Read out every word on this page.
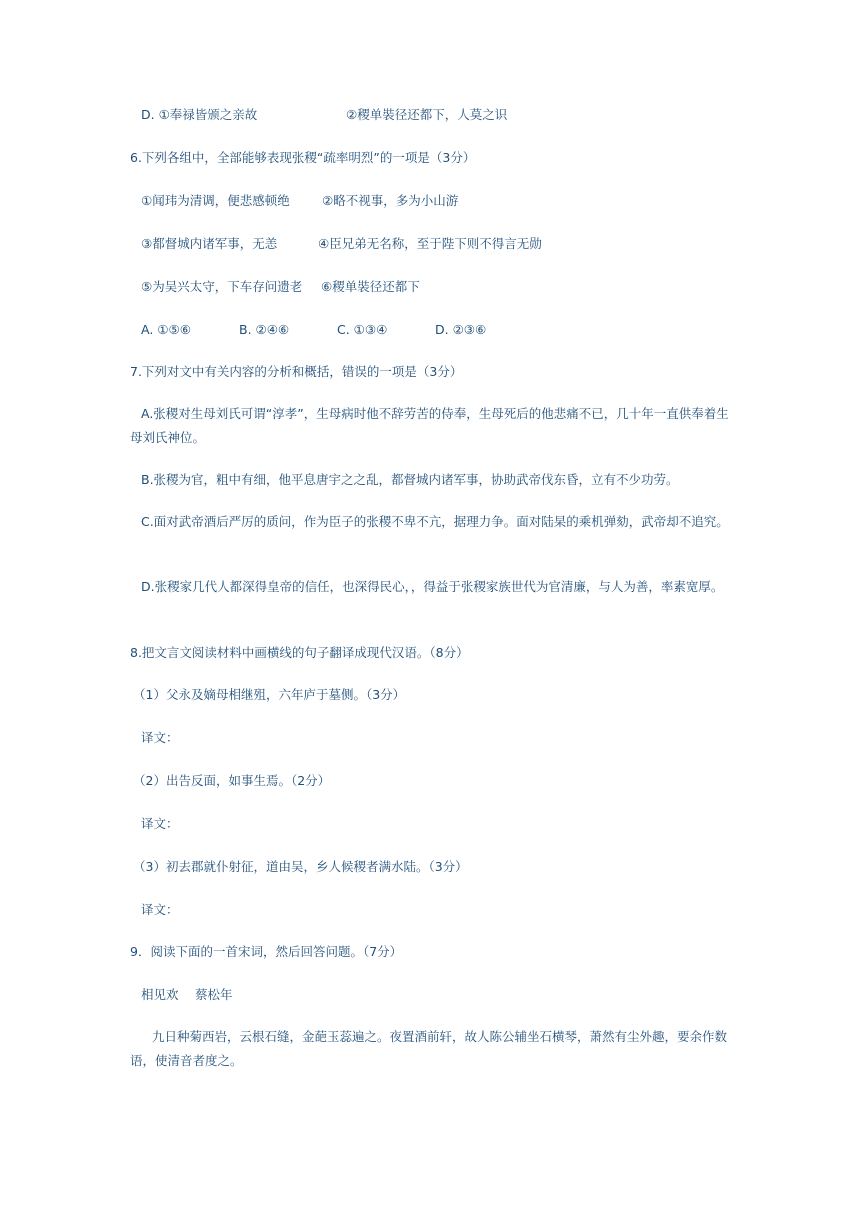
D. ①奉禄皆颁之亲故	②稷单裝径还都下，人莫之识
6.下列各组中，全部能够表现张稷“疏率明烈”的一项是（3分）
①闻玮为清调，便悲感顿绝	②略不视事，多为小山游
③都督城内诸军事，无恙	④臣兄弟无名称，至于陛下则不得言无勋
⑤为吴兴太守，下车存问遗老 ⑥稷单裝径还都下
A. ①⑤⑥	B. ②④⑥	C. ①③④	D. ②③⑥
7.下列对文中有关内容的分析和概括，错误的一项是（3分）
A.张稷对生母刘氏可谓“淳孝”，生母病时他不辞劳苦的侍奉，生母死后的他悲痛不已，几十年一直供奉着生母刘氏神位。
B.张稷为官，粗中有细，他平息唐宇之之乱，都督城内诸军事，协助武帝伐东昏，立有不少功劳。
C.面对武帝酒后严厉的质问，作为臣子的张稷不卑不亢，据理力争。面对陆杲的乘机弹劾，武帝却不追究。
D.张稷家几代人都深得皇帝的信任，也深得民心，，得益于张稷家族世代为官清廉，与人为善，率素宽厚。
8.把文言文阅读材料中画横线的句子翻译成现代汉语。（8分）
（1）父永及嫡母相继殂，六年庐于墓侧。（3分）
译文：
（2）出告反面，如事生焉。（2分）
译文：
（3）初去郡就仆射征，道由吴，乡人候稷者满水陆。（3分）
译文：
9．阅读下面的一首宋词，然后回答问题。（7分）
相见欢　 蔡松年
九日种菊西岩，云根石缝，金葩玉蕊遍之。夜置酒前轩，故人陈公辅坐石横琴，萧然有尘外趣，要余作数语，使清音者度之。
